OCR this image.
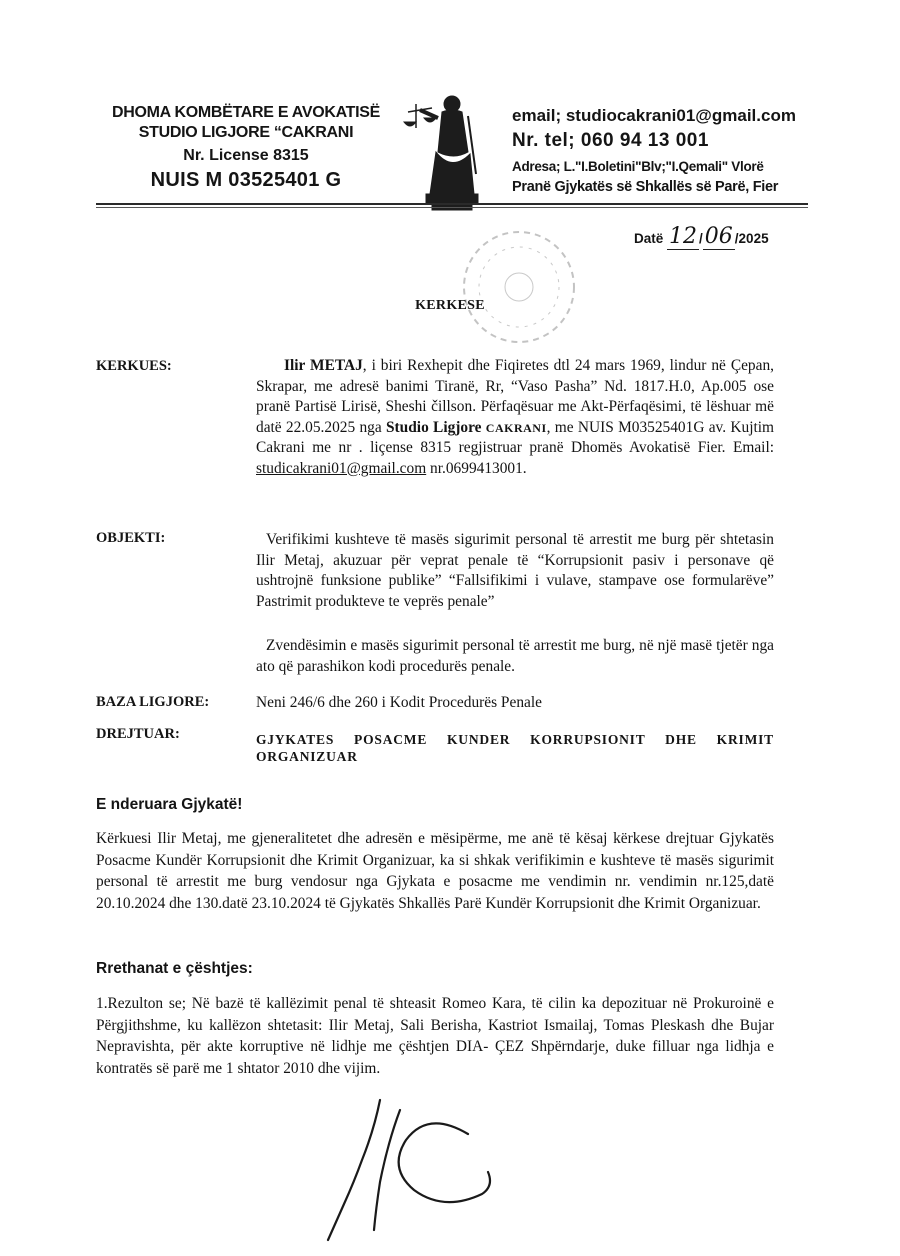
DHOMA KOMBËTARE E AVOKATISË
STUDIO LIGJORE “CAKRANI
Nr. License 8315
NUIS M 03525401 G
email; studiocakrani01@gmail.com
Nr. tel; 060 94 13 001
Adresa; L."I.Boletini"Blv;"I.Qemali" Vlorë
Pranë Gjykatës së Shkallës së Parë, Fier
Datë 12 /06 /2025
KERKESE
KERKUES:	Ilir METAJ, i biri Rexhepit dhe Fiqiretes dtl 24 mars 1969, lindur në Çepan, Skrapar, me adresë banimi Tiranë, Rr, “Vaso Pasha” Nd. 1817.H.0, Ap.005 ose pranë Partisë Lirisë, Sheshi čillson. Përfaqësuar me Akt-Përfaqësimi, të lëshuar më datë 22.05.2025 nga Studio Ligjore CAKRANI, me NUIS M03525401G av. Kujtim Cakrani me nr . liçense 8315 regjistruar pranë Dhomës Avokatisë Fier. Email: studicakrani01@gmail.com nr.0699413001.
OBJEKTI:	Verifikimi kushteve të masës sigurimit personal të arrestit me burg për shtetasin Ilir Metaj, akuzuar për veprat penale të “Korrupsionit pasiv i personave që ushtrojnë funksione publike” “Fallsifikimi i vulave, stampave ose formularëve” Pastrimit produkteve te veprës penale”
Zvendësimin e masës sigurimit personal të arrestit me burg, në një masë tjetër nga ato që parashikon kodi procedurës penale.
BAZA LIGJORE:	Neni 246/6 dhe 260 i Kodit Procedurës Penale
DREJTUAR:	GJYKATES POSACME KUNDER KORRUPSIONIT DHE KRIMIT ORGANIZUAR
E nderuara Gjykatë!
Kërkuesi Ilir Metaj, me gjeneralitetet dhe adresën e mësipërme, me anë të kësaj kërkese drejtuar Gjykatës Posacme Kundër Korrupsionit dhe Krimit Organizuar, ka si shkak verifikimin e kushteve të masës sigurimit personal të arrestit me burg vendosur nga Gjykata e posacme me vendimin nr. vendimin nr.125,datë 20.10.2024 dhe 130.datë 23.10.2024 të Gjykatës Shkallës Parë Kundër Korrupsionit dhe Krimit Organizuar.
Rrethanat e çështjes:
1.Rezulton se; Në bazë të kallëzimit penal të shteasit Romeo Kara, të cilin ka depozituar në Prokuroinë e Përgjithshme, ku kallëzon shtetasit: Ilir Metaj, Sali Berisha, Kastriot Ismailaj, Tomas Pleskash dhe Bujar Nepravishta, për akte korruptive në lidhje me çështjen DIA- ÇEZ Shpërndarje, duke filluar nga lidhja e kontratës së parë me 1 shtator 2010 dhe vijim.
